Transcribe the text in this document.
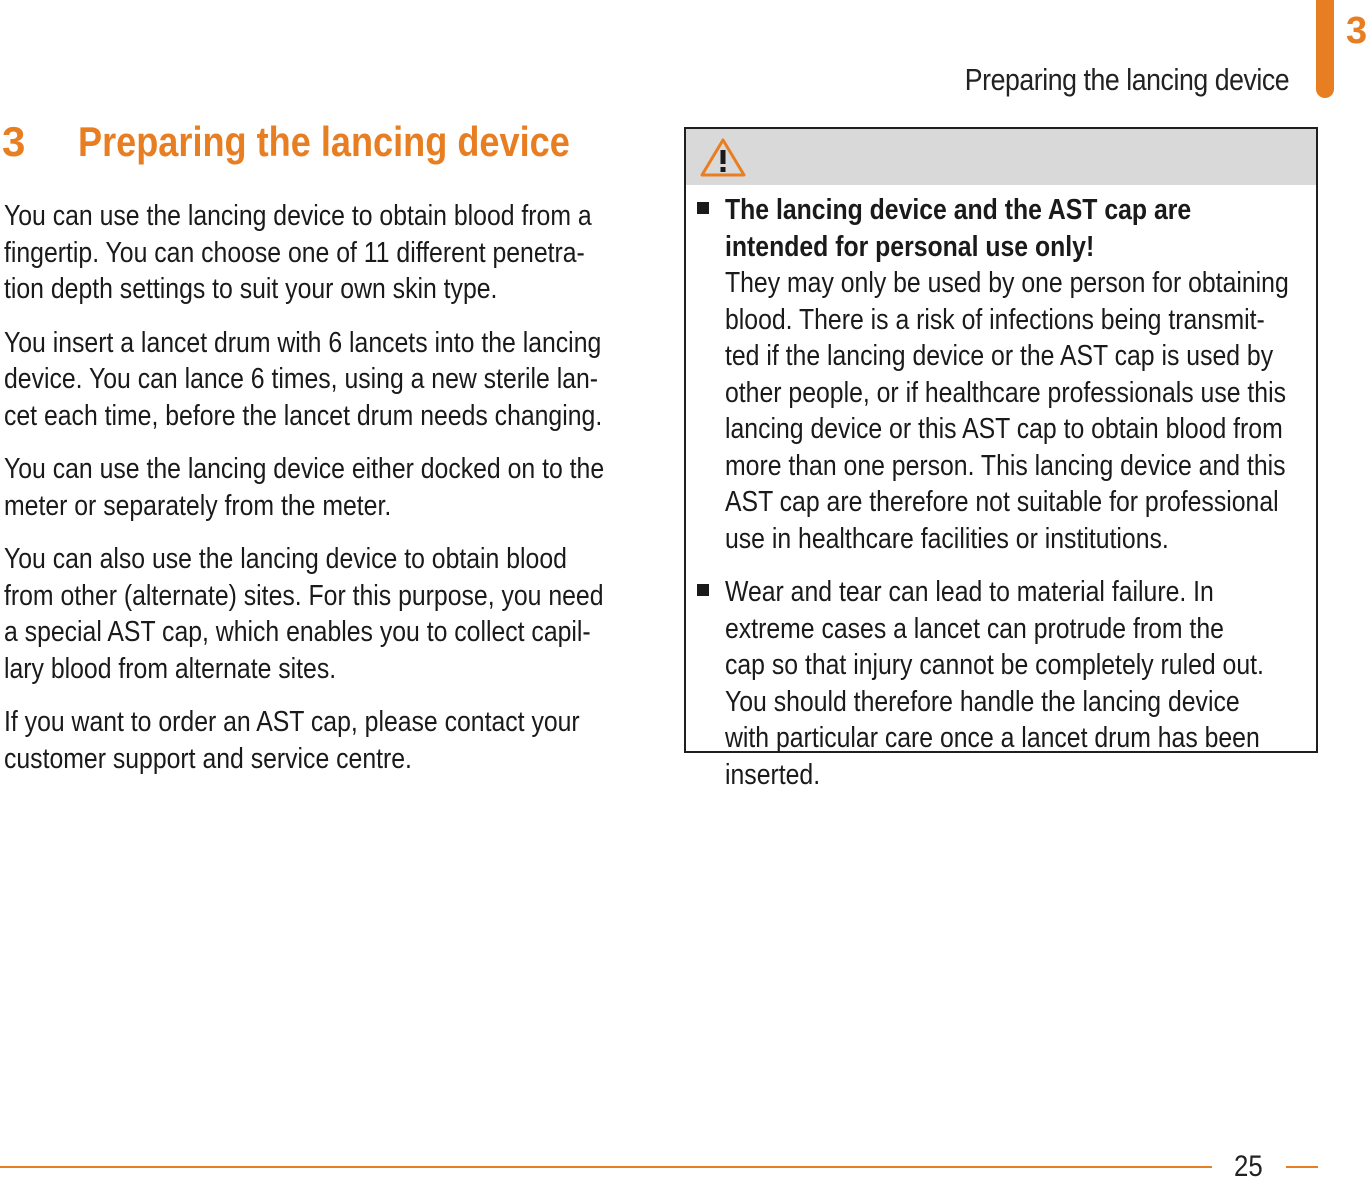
Preparing the lancing device
3
3 Preparing the lancing device

You can use the lancing device to obtain blood from a
fingertip. You can choose one of 11 different penetra-
tion depth settings to suit your own skin type.

You insert a lancet drum with 6 lancets into the lancing
device. You can lance 6 times, using a new sterile lan-
cet each time, before the lancet drum needs changing.

You can use the lancing device either docked on to the
meter or separately from the meter.

You can also use the lancing device to obtain blood
from other (alternate) sites. For this purpose, you need
a special AST cap, which enables you to collect capil-
lary blood from alternate sites.

If you want to order an AST cap, please contact your
customer support and service centre.

The lancing device and the AST cap are
intended for personal use only!
They may only be used by one person for obtaining
blood. There is a risk of infections being transmit-
ted if the lancing device or the AST cap is used by
other people, or if healthcare professionals use this
lancing device or this AST cap to obtain blood from
more than one person. This lancing device and this
AST cap are therefore not suitable for professional
use in healthcare facilities or institutions.
Wear and tear can lead to material failure. In
extreme cases a lancet can protrude from the
cap so that injury cannot be completely ruled out.
You should therefore handle the lancing device
with particular care once a lancet drum has been
inserted.
25
